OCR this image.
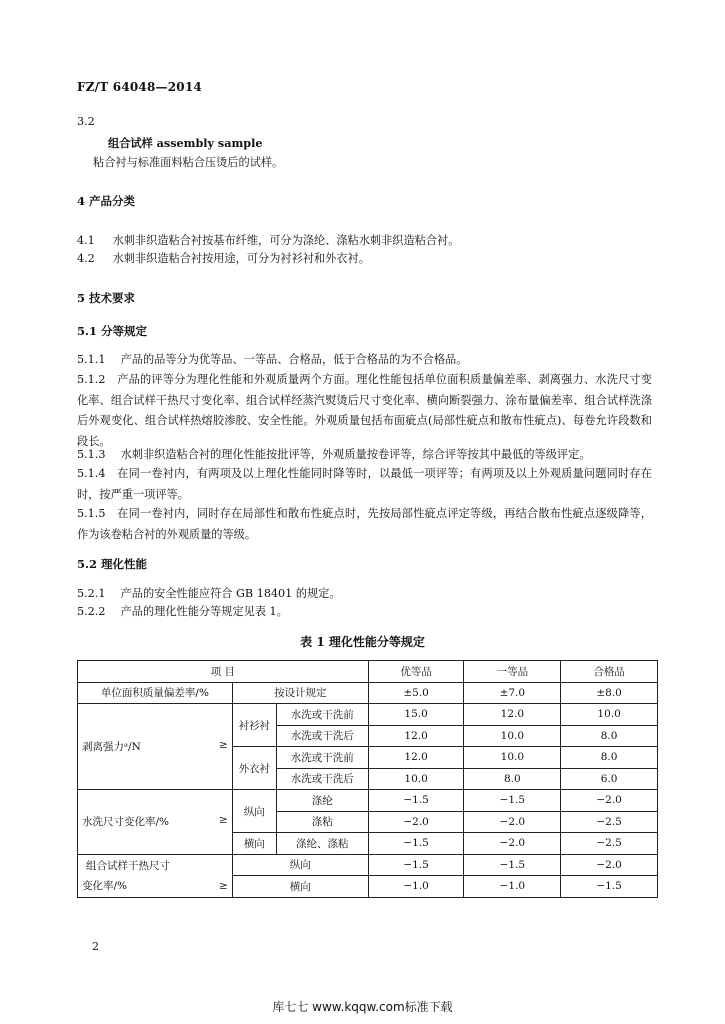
FZ/T 64048—2014
3.2
组合试样 assembly sample
粘合衬与标准面料粘合压烫后的试样。
4 产品分类
4.1 水刺非织造粘合衬按基布纤维，可分为涤纶、涤粘水刺非织造粘合衬。
4.2 水刺非织造粘合衬按用途，可分为衬衫衬和外衣衬。
5 技术要求
5.1 分等规定
5.1.1 产品的品等分为优等品、一等品、合格品，低于合格品的为不合格品。
5.1.2 产品的评等分为理化性能和外观质量两个方面。理化性能包括单位面积质量偏差率、剥离强力、水洗尺寸变化率、组合试样干热尺寸变化率、组合试样经蒸汽熨烫后尺寸变化率、横向断裂强力、涂布量偏差率、组合试样洗涤后外观变化、组合试样热熔胶渗胶、安全性能。外观质量包括布面疵点(局部性疵点和散布性疵点)、每卷允许段数和段长。
5.1.3 水刺非织造粘合衬的理化性能按批评等，外观质量按卷评等，综合评等按其中最低的等级评定。
5.1.4 在同一卷衬内，有两项及以上理化性能同时降等时，以最低一项评等；有两项及以上外观质量问题同时存在时，按严重一项评等。
5.1.5 在同一卷衬内，同时存在局部性和散布性疵点时，先按局部性疵点评定等级，再结合散布性疵点逐级降等，作为该卷粘合衬的外观质量的等级。
5.2 理化性能
5.2.1 产品的安全性能应符合 GB 18401 的规定。
5.2.2 产品的理化性能分等规定见表 1。
表 1 理化性能分等规定
项 目			优等品	一等品	合格品
单位面积质量偏差率/%	按设计规定		±5.0	±7.0	±8.0
剥离强力ᵃ/N ≥	衬衫衬	水洗或干洗前	15.0	12.0	10.0
		水洗或干洗后	12.0	10.0	8.0
	外衣衬	水洗或干洗前	12.0	10.0	8.0
		水洗或干洗后	10.0	8.0	6.0
水洗尺寸变化率/% ≥	纵向	涤纶	−1.5	−1.5	−2.0
		涤粘	−2.0	−2.0	−2.5
	横向	涤纶、涤粘	−1.5	−2.0	−2.5

组合试样干热尺寸
变化率/% ≥	纵向		−1.5	−1.5	−2.0
	横向		−1.0	−1.0	−1.5
2
库七七 www.kqqw.com标准下载
